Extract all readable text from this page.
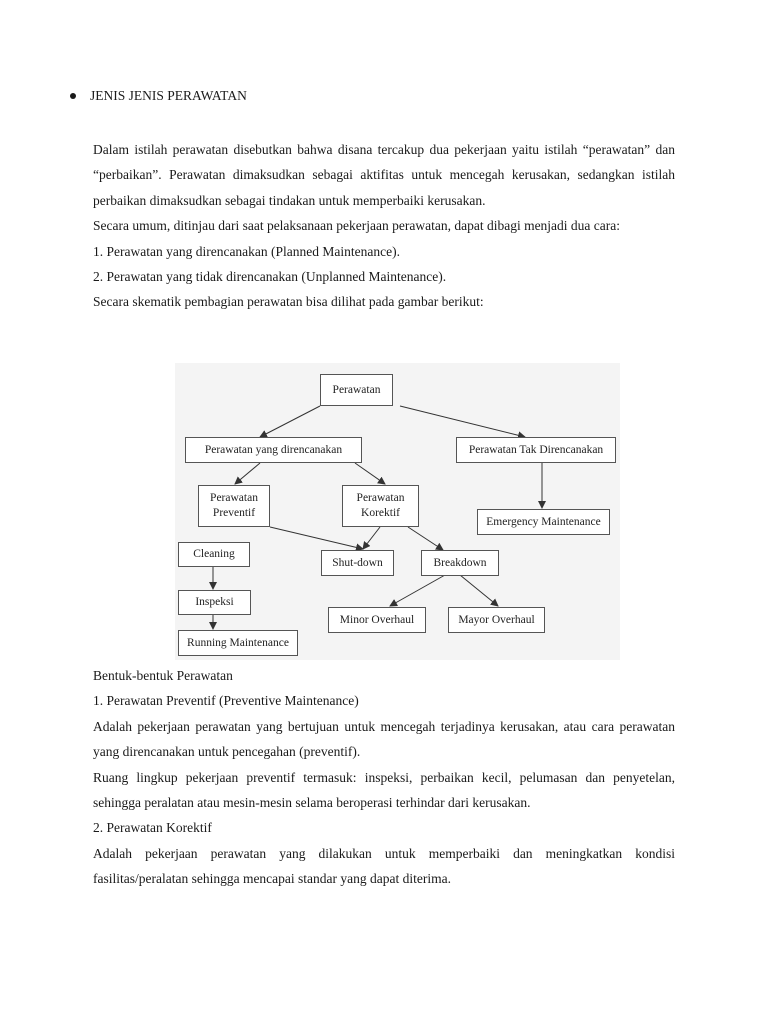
JENIS JENIS PERAWATAN

Dalam istilah perawatan disebutkan bahwa disana tercakup dua pekerjaan yaitu istilah “perawatan” dan “perbaikan”. Perawatan dimaksudkan sebagai aktifitas untuk mencegah kerusakan, sedangkan istilah perbaikan dimaksudkan sebagai tindakan untuk memperbaiki kerusakan.

Secara umum, ditinjau dari saat pelaksanaan pekerjaan perawatan, dapat dibagi menjadi dua cara:

1. Perawatan yang direncanakan (Planned Maintenance).

2. Perawatan yang tidak direncanakan (Unplanned Maintenance).

Secara skematik pembagian perawatan bisa dilihat pada gambar berikut:

Perawatan
Perawatan yang direncanakan	Perawatan Tak Direncanakan
Perawatan Preventif
Perawatan Korektif
Emergency Maintenance
Cleaning
Shut-down	Breakdown
Inspeksi
Running Maintenance
Minor Overhaul	Mayor Overhaul

Bentuk-bentuk Perawatan

1. Perawatan Preventif (Preventive Maintenance)

Adalah pekerjaan perawatan yang bertujuan untuk mencegah terjadinya kerusakan, atau cara perawatan yang direncanakan untuk pencegahan (preventif).

Ruang lingkup pekerjaan preventif termasuk: inspeksi, perbaikan kecil, pelumasan dan penyetelan, sehingga peralatan atau mesin-mesin selama beroperasi terhindar dari kerusakan.

2. Perawatan Korektif

Adalah pekerjaan perawatan yang dilakukan untuk memperbaiki dan meningkatkan kondisi fasilitas/peralatan sehingga mencapai standar yang dapat diterima.
